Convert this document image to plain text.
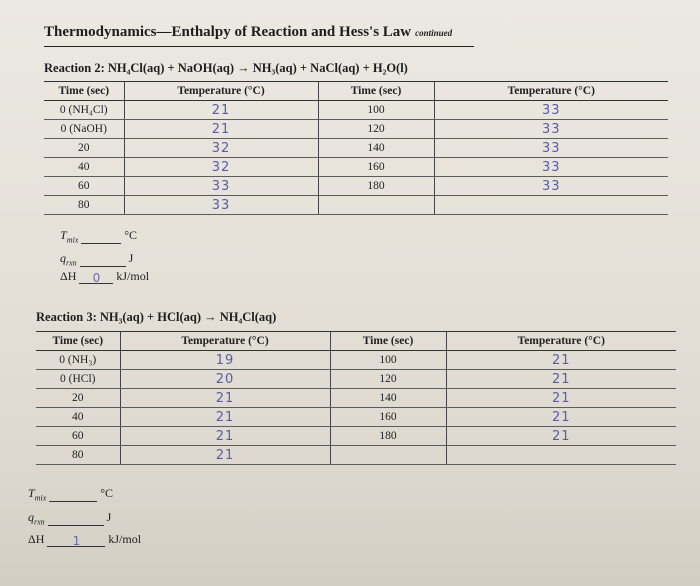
Thermodynamics—Enthalpy of Reaction and Hess's Law continued
Reaction 2: NH₄Cl(aq) + NaOH(aq) → NH₃(aq) + NaCl(aq) + H₂O(l)
Time (sec)	Temperature (°C)	Time (sec)	Temperature (°C)
0 (NH₄Cl)	21	100	33
0 (NaOH)	21	120	33
20	32	140	33
40	32	160	33
60	33	180	33
80	33		
$T_{mix}$	°C
$q_{rxn}$	J
ΔH 0 kJ/mol
Reaction 3: NH₃(aq) + HCl(aq) → NH₄Cl(aq)
Time (sec)	Temperature (°C)	Time (sec)	Temperature (°C)
0 (NH₃)	19	100	21
0 (HCl)	20	120	21
20	21	140	21
40	21	160	21
60	21	180	21
80	21		
$T_{mix}$	°C
$q_{rxn}$	J
ΔH 1 kJ/mol
